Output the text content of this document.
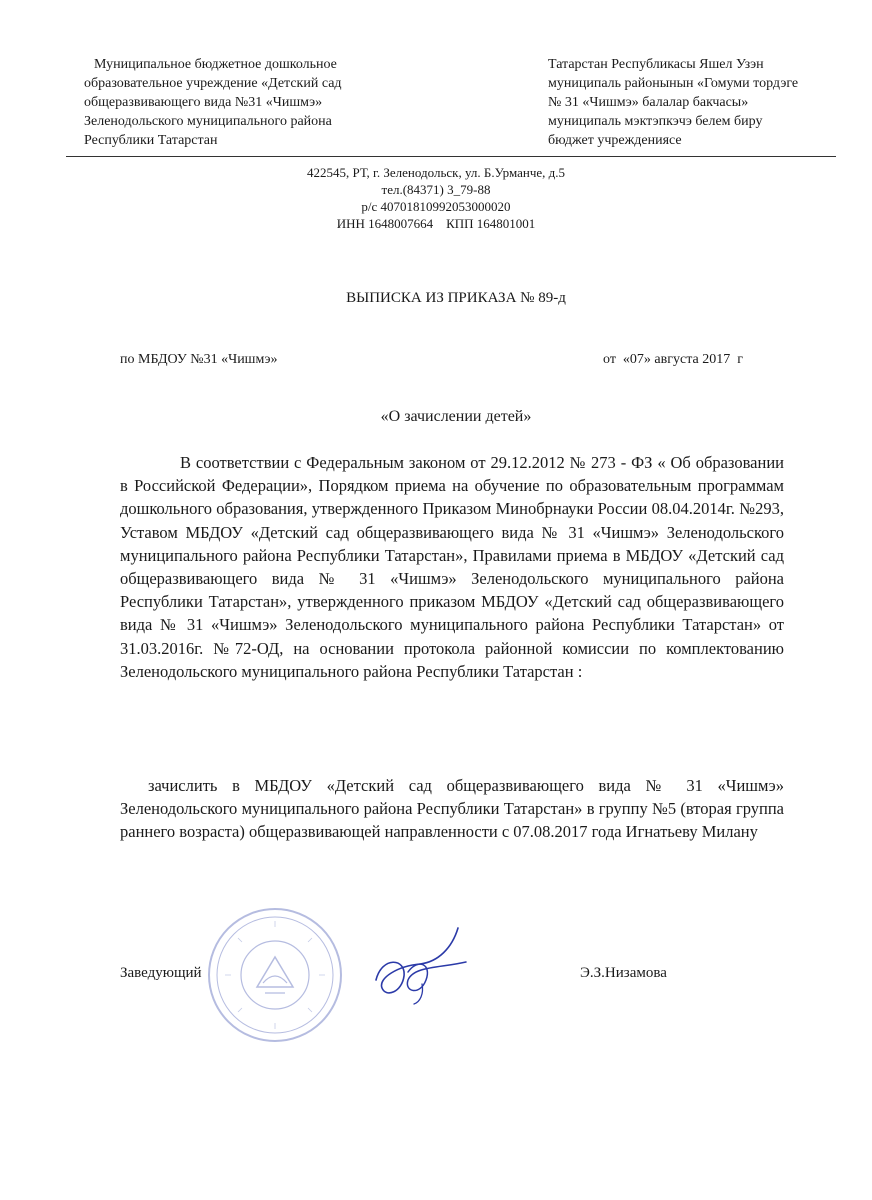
Муниципальное бюджетное дошкольное
образовательное учреждение «Детский сад
общеразвивающего вида №31 «Чишмэ»
Зеленодольского муниципального района
Республики Татарстан
Татарстан Республикасы Яшел Узэн
муниципаль районынын «Гомуми тордэге
№ 31 «Чишмэ» балалар бакчасы»
муниципаль мэктэпкэчэ белем биру
бюджет учреждениясе
422545, РТ, г. Зеленодольск, ул. Б.Урманче, д.5
тел.(84371) 3_79-88
р/с 40701810992053000020
ИНН 1648007664    КПП 164801001
ВЫПИСКА ИЗ ПРИКАЗА № 89-д
по МБДОУ №31 «Чишмэ»	от  «07» августа 2017  г
«О зачислении детей»

В соответствии с Федеральным законом от 29.12.2012 № 273 - ФЗ « Об образовании в Российской Федерации», Порядком приема на обучение по образовательным программам дошкольного образования, утвержденного Приказом Минобрнауки России 08.04.2014г. №293, Уставом МБДОУ «Детский сад общеразвивающего вида № 31 «Чишмэ» Зеленодольского муниципального района Республики Татарстан», Правилами приема в МБДОУ «Детский сад общеразвивающего вида № 31 «Чишмэ» Зеленодольского муниципального района Республики Татарстан», утвержденного приказом МБДОУ «Детский сад общеразвивающего вида № 31 «Чишмэ» Зеленодольского муниципального района Республики Татарстан» от 31.03.2016г. №72-ОД, на основании протокола районной комиссии по комплектованию Зеленодольского муниципального района Республики Татарстан :

зачислить в МБДОУ «Детский сад общеразвивающего вида № 31 «Чишмэ» Зеленодольского муниципального района Республики Татарстан» в группу №5 (вторая группа раннего возраста) общеразвивающей направленности с 07.08.2017 года Игнатьеву Милану

Заведующий	Э.З.Низамова
